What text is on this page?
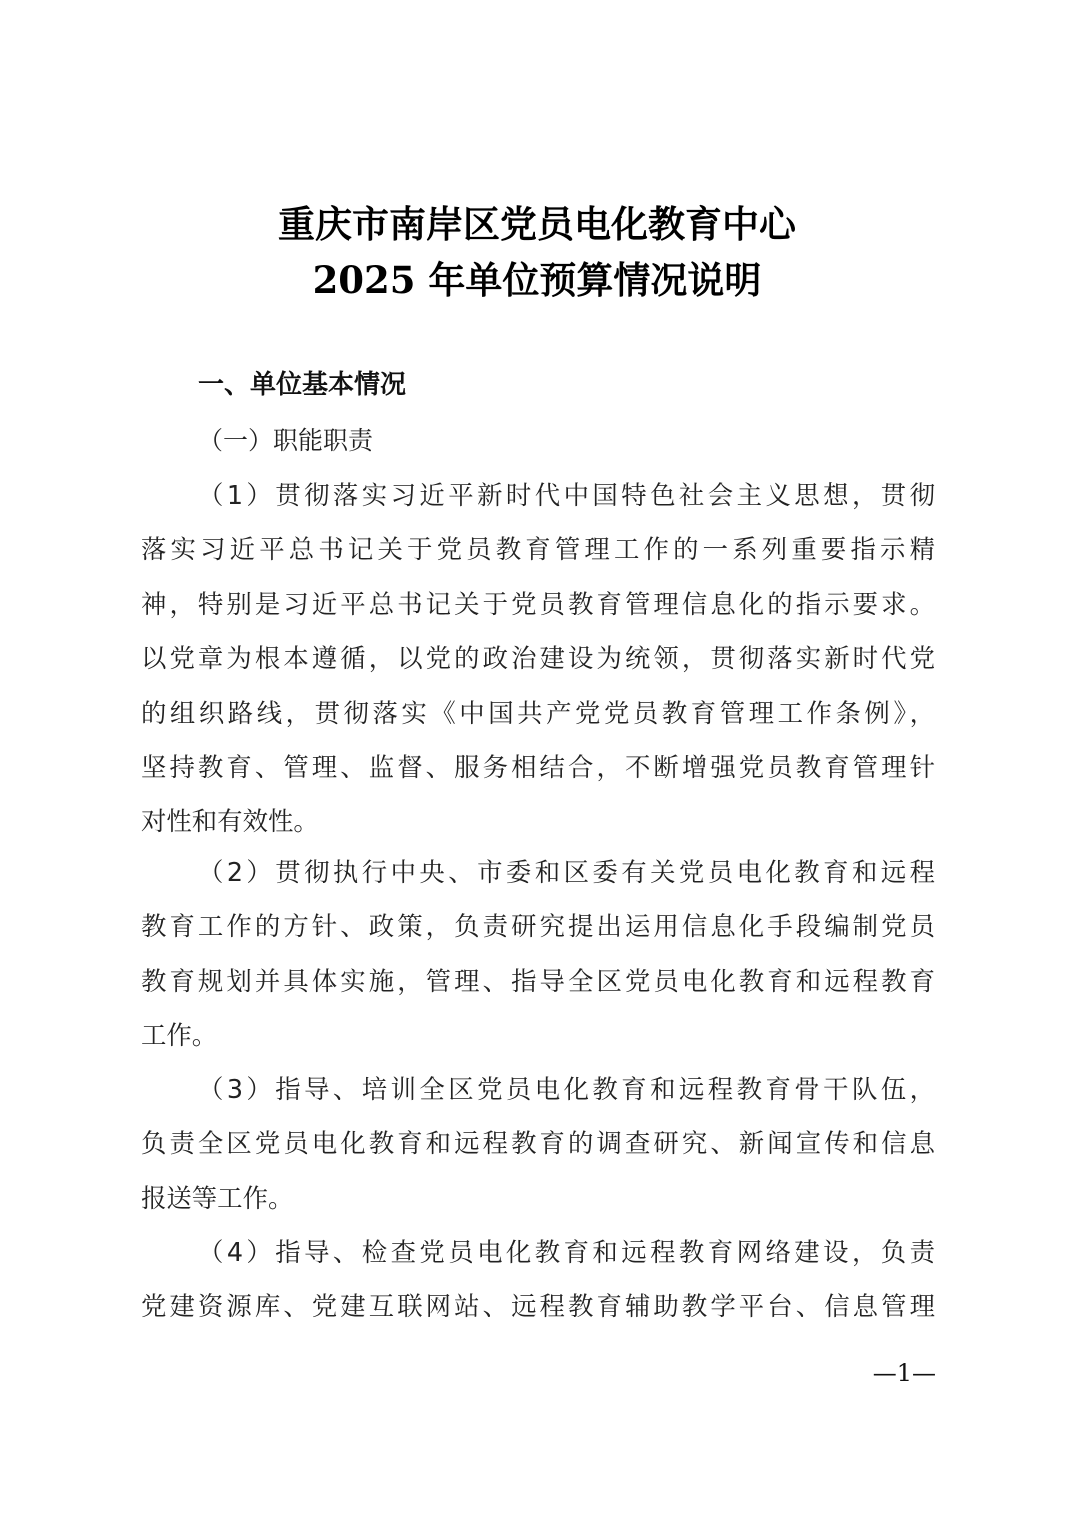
重庆市南岸区党员电化教育中心
2025 年单位预算情况说明
一、单位基本情况
（一）职能职责
（1）贯彻落实习近平新时代中国特色社会主义思想，贯彻
落实习近平总书记关于党员教育管理工作的一系列重要指示精
神，特别是习近平总书记关于党员教育管理信息化的指示要求。
以党章为根本遵循，以党的政治建设为统领，贯彻落实新时代党
的组织路线，贯彻落实《中国共产党党员教育管理工作条例》，
坚持教育、管理、监督、服务相结合，不断增强党员教育管理针
对性和有效性。
（2）贯彻执行中央、市委和区委有关党员电化教育和远程
教育工作的方针、政策，负责研究提出运用信息化手段编制党员
教育规划并具体实施，管理、指导全区党员电化教育和远程教育
工作。
（3）指导、培训全区党员电化教育和远程教育骨干队伍，
负责全区党员电化教育和远程教育的调查研究、新闻宣传和信息
报送等工作。
（4）指导、检查党员电化教育和远程教育网络建设，负责
党建资源库、党建互联网站、远程教育辅助教学平台、信息管理
—1—
